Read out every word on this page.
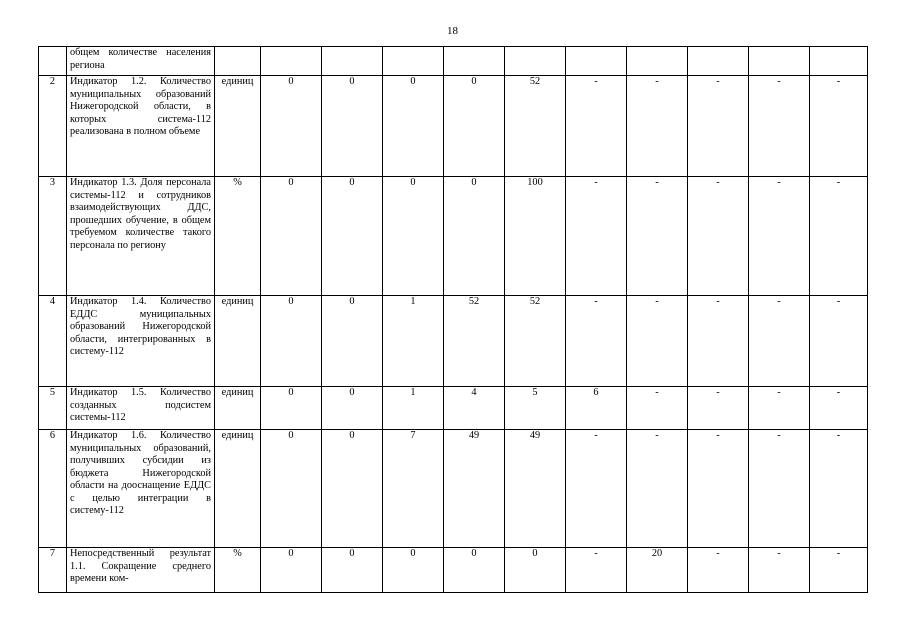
18
	общем количестве населения региона											
2	Индикатор 1.2. Количество муниципальных образований Нижегородской области, в которых система-112 реализована в полном объеме	единиц	0	0	0	0	52	-	-	-	-	-
3	Индикатор 1.3. Доля персонала системы-112 и сотрудников взаимодействующих ДДС, прошедших обучение, в общем требуемом количестве такого персонала по региону	%	0	0	0	0	100	-	-	-	-	-
4	Индикатор 1.4. Количество ЕДДС муниципальных образований Нижегородской области, интегрированных в систему-112	единиц	0	0	1	52	52	-	-	-	-	-
5	Индикатор 1.5. Количество созданных подсистем системы-112	единиц	0	0	1	4	5	6	-	-	-	-
6	Индикатор 1.6. Количество муниципальных образований, получивших субсидии из бюджета Нижегородской области на дооснащение ЕДДС с целью интеграции в систему-112	единиц	0	0	7	49	49	-	-	-	-	-
7	Непосредственный результат 1.1. Сокращение среднего времени ком-	%	0	0	0	0	0	-	20	-	-	-
